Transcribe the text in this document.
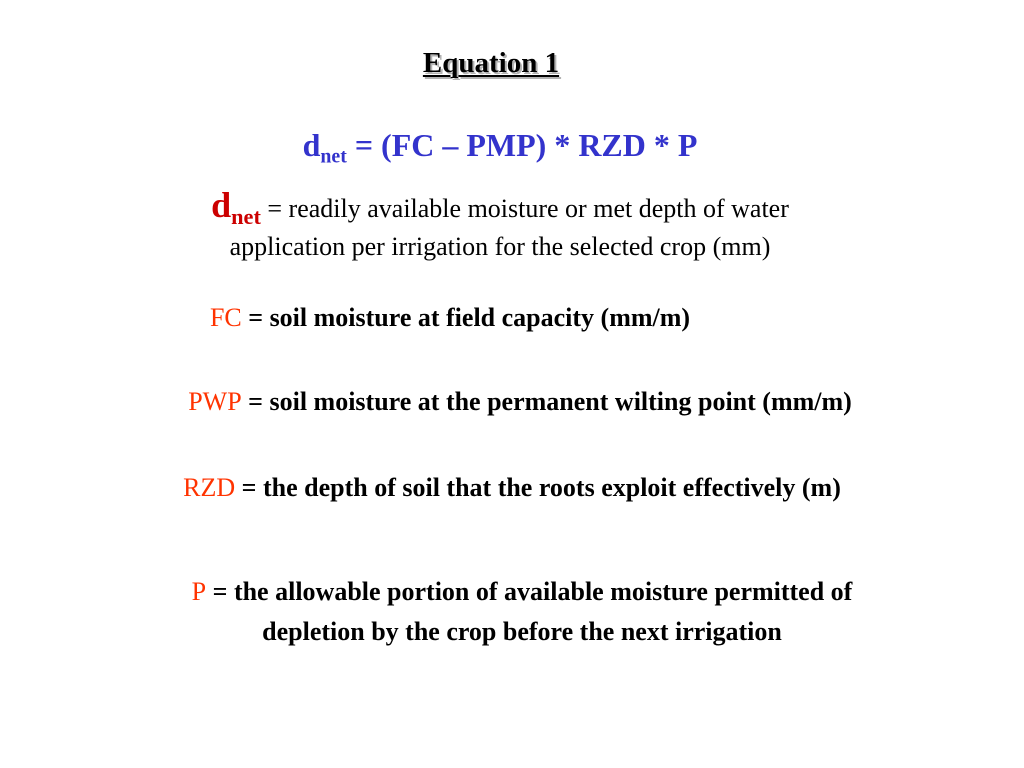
Equation 1
$d_{net} = (FC - PMP)$ * RZD * P
$d_{net}$ = readily available moisture or met depth of water
application per irrigation for the selected crop (mm)
FC = soil moisture at field capacity (mm/m)
PWP = soil moisture at the permanent wilting point (mm/m)
RZD = the depth of soil that the roots exploit effectively (m)
P = the allowable portion of available moisture permitted of
depletion by the crop before the next irrigation
